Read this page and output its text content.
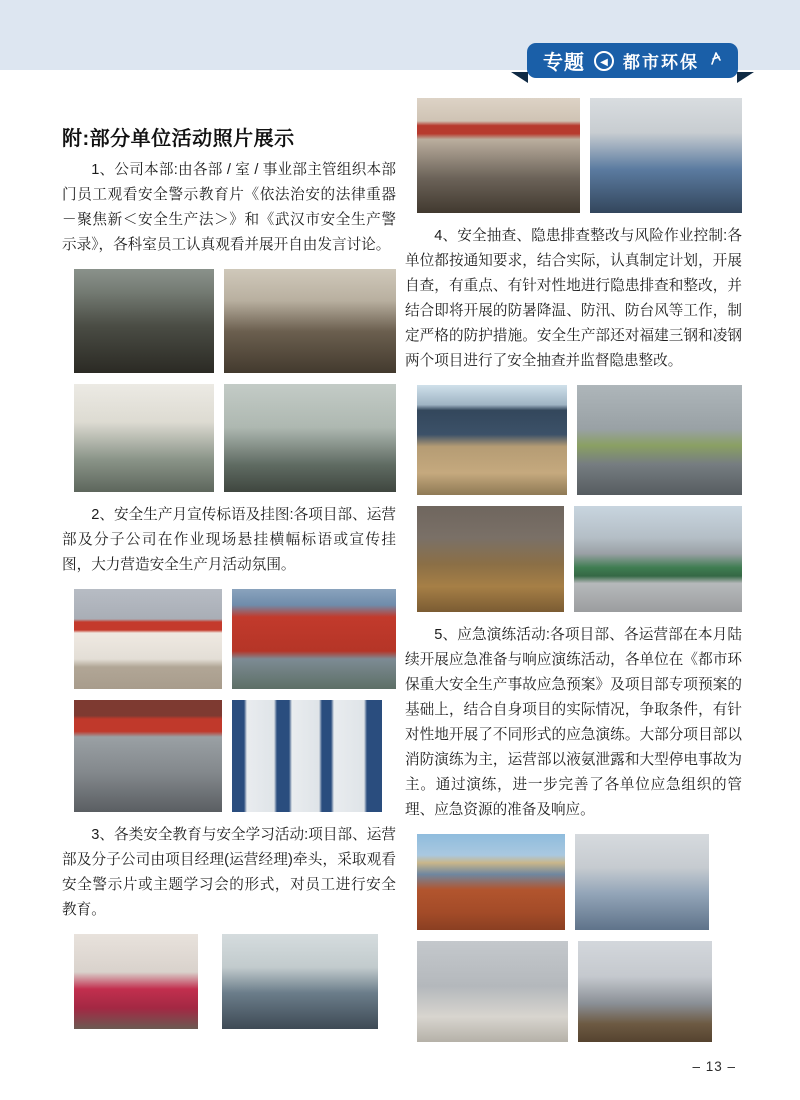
专题	◀ 都市环保
附:部分单位活动照片展示

1、公司本部:由各部 / 室 / 事业部主管组织本部门员工观看安全警示教育片《依法治安的法律重器－聚焦新＜安全生产法＞》和《武汉市安全生产警示录》，各科室员工认真观看并展开自由发言讨论。

2、安全生产月宣传标语及挂图:各项目部、运营部及分子公司在作业现场悬挂横幅标语或宣传挂图，大力营造安全生产月活动氛围。

3、各类安全教育与安全学习活动:项目部、运营部及分子公司由项目经理(运营经理)牵头，采取观看安全警示片或主题学习会的形式，对员工进行安全教育。

4、安全抽查、隐患排查整改与风险作业控制:各单位都按通知要求，结合实际，认真制定计划，开展自查，有重点、有针对性地进行隐患排查和整改，并结合即将开展的防暑降温、防汛、防台风等工作，制定严格的防护措施。安全生产部还对福建三钢和凌钢两个项目进行了安全抽查并监督隐患整改。

5、应急演练活动:各项目部、各运营部在本月陆续开展应急准备与响应演练活动，各单位在《都市环保重大安全生产事故应急预案》及项目部专项预案的基础上，结合自身项目的实际情况，争取条件，有针对性地开展了不同形式的应急演练。大部分项目部以消防演练为主，运营部以液氨泄露和大型停电事故为主。通过演练，进一步完善了各单位应急组织的管理、应急资源的准备及响应。

– 13 –
